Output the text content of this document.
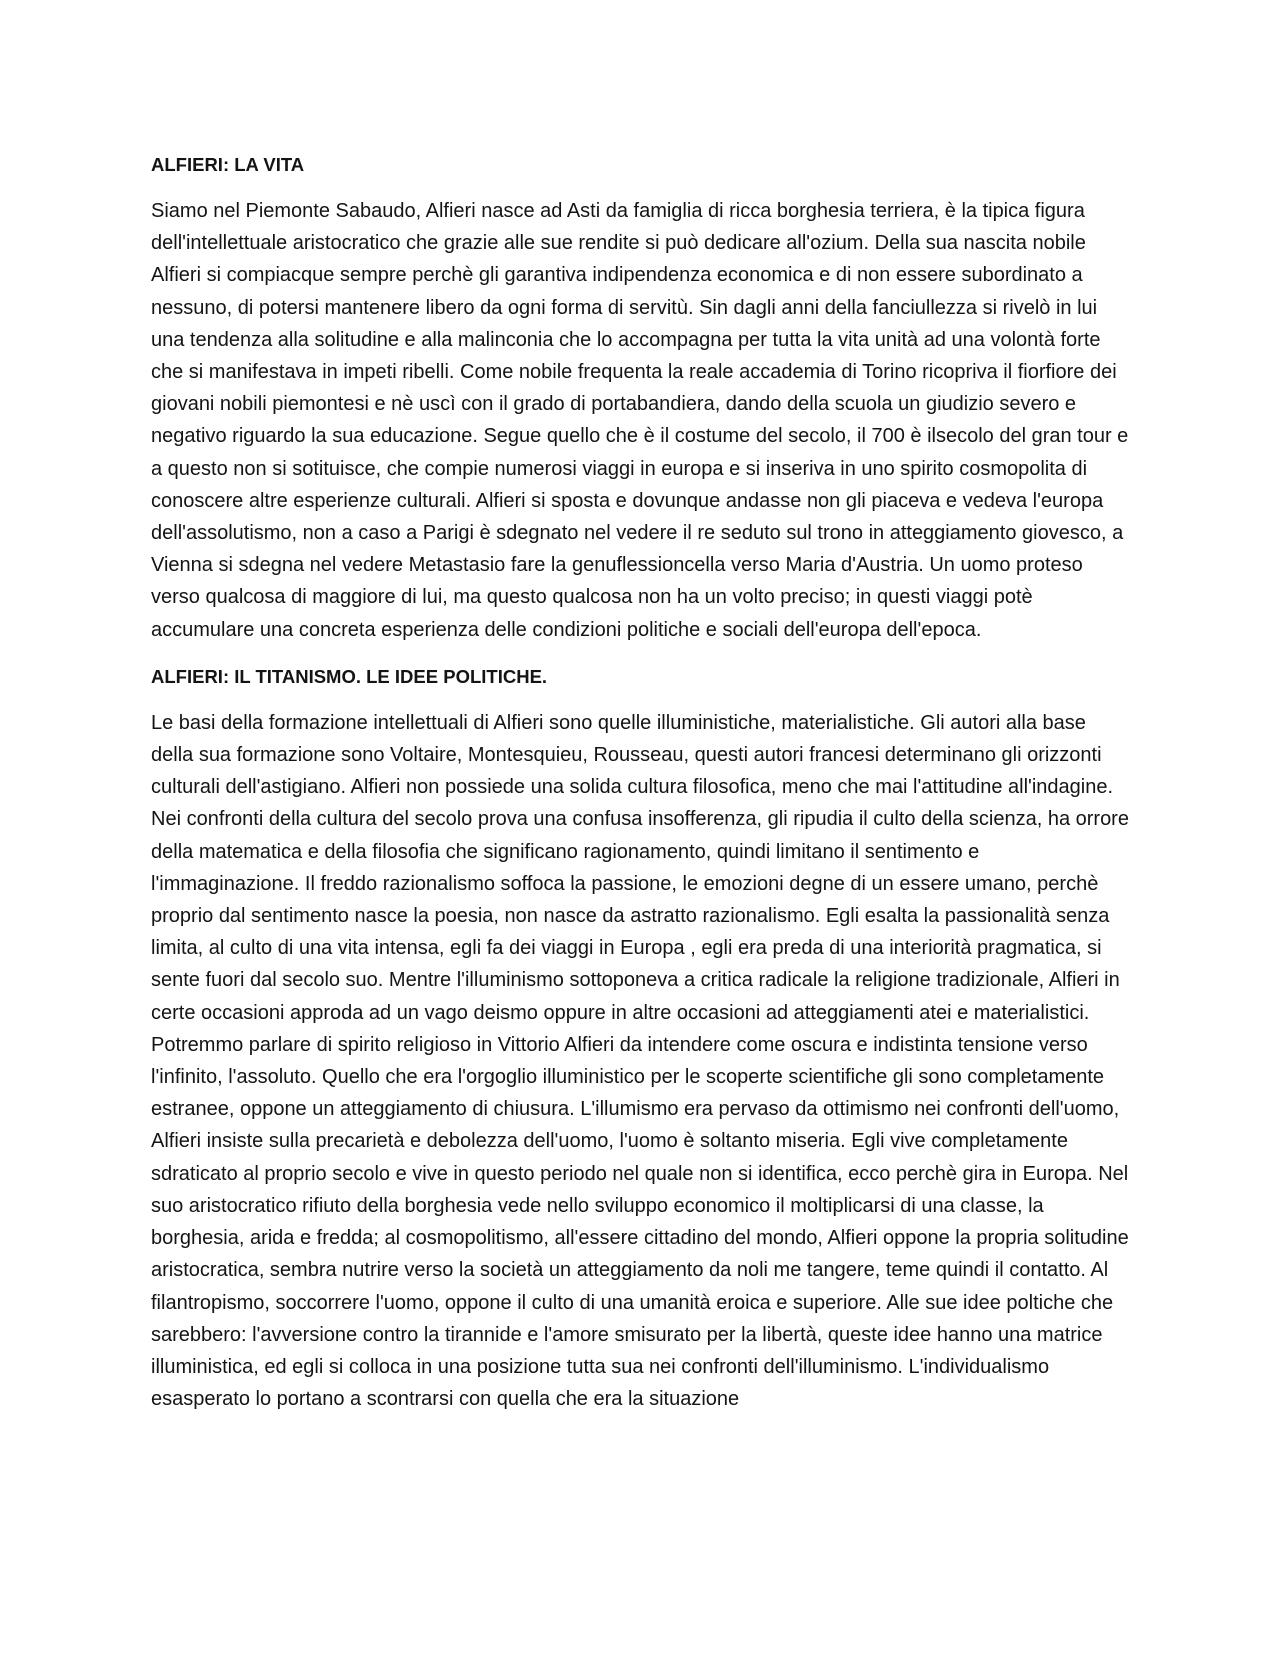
ALFIERI: LA VITA

Siamo nel Piemonte Sabaudo, Alfieri nasce ad Asti da famiglia di ricca borghesia terriera, è la tipica figura dell'intellettuale aristocratico che grazie alle sue rendite si può dedicare all'ozium. Della sua nascita nobile Alfieri si compiacque sempre perchè gli garantiva indipendenza economica e di non essere subordinato a nessuno, di potersi mantenere libero da ogni forma di servitù. Sin dagli anni della fanciullezza si rivelò in lui una tendenza alla solitudine e alla malinconia che lo accompagna per tutta la vita unità ad una volontà forte che si manifestava in impeti ribelli. Come nobile frequenta la reale accademia di Torino ricopriva il fiorfiore dei giovani nobili piemontesi e nè uscì con il grado di portabandiera, dando della scuola un giudizio severo e negativo riguardo la sua educazione. Segue quello che è il costume del secolo, il 700 è ilsecolo del gran tour e a questo non si sotituisce, che compie numerosi viaggi in europa e si inseriva in uno spirito cosmopolita di conoscere altre esperienze culturali. Alfieri si sposta e dovunque andasse non gli piaceva e vedeva l'europa dell'assolutismo, non a caso a Parigi è sdegnato nel vedere il re seduto sul trono in atteggiamento giovesco, a Vienna si sdegna nel vedere Metastasio fare la genuflessioncella verso Maria d'Austria. Un uomo proteso verso qualcosa di maggiore di lui, ma questo qualcosa non ha un volto preciso; in questi viaggi potè accumulare una concreta esperienza delle condizioni politiche e sociali dell'europa dell'epoca.

ALFIERI: IL TITANISMO. LE IDEE POLITICHE.

Le basi della formazione intellettuali di Alfieri sono quelle illuministiche, materialistiche. Gli autori alla base della sua formazione sono Voltaire, Montesquieu, Rousseau, questi autori francesi determinano gli orizzonti culturali dell'astigiano. Alfieri non possiede una solida cultura filosofica, meno che mai l'attitudine all'indagine. Nei confronti della cultura del secolo prova una confusa insofferenza, gli ripudia il culto della scienza, ha orrore della matematica e della filosofia che significano ragionamento, quindi limitano il sentimento e l'immaginazione. Il freddo razionalismo soffoca la passione, le emozioni degne di un essere umano, perchè proprio dal sentimento nasce la poesia, non nasce da astratto razionalismo. Egli esalta la passionalità senza limita, al culto di una vita intensa, egli fa dei viaggi in Europa , egli era preda di una interiorità pragmatica, si sente fuori dal secolo suo. Mentre l'illuminismo sottoponeva a critica radicale la religione tradizionale, Alfieri in certe occasioni approda ad un vago deismo oppure in altre occasioni ad atteggiamenti atei e materialistici. Potremmo parlare di spirito religioso in Vittorio Alfieri da intendere come oscura e indistinta tensione verso l'infinito, l'assoluto. Quello che era l'orgoglio illuministico per le scoperte scientifiche gli sono completamente estranee, oppone un atteggiamento di chiusura. L'illumismo era pervaso da ottimismo nei confronti dell'uomo, Alfieri insiste sulla precarietà e debolezza dell'uomo, l'uomo è soltanto miseria. Egli vive completamente sdraticato al proprio secolo e vive in questo periodo nel quale non si identifica, ecco perchè gira in Europa. Nel suo aristocratico rifiuto della borghesia vede nello sviluppo economico il moltiplicarsi di una classe, la borghesia, arida e fredda; al cosmopolitismo, all'essere cittadino del mondo, Alfieri oppone la propria solitudine aristocratica, sembra nutrire verso la società un atteggiamento da noli me tangere, teme quindi il contatto. Al filantropismo, soccorrere l'uomo, oppone il culto di una umanità eroica e superiore. Alle sue idee poltiche che sarebbero: l'avversione contro la tirannide e l'amore smisurato per la libertà, queste idee hanno una matrice illuministica, ed egli si colloca in una posizione tutta sua nei confronti dell'illuminismo. L'individualismo esasperato lo portano a scontrarsi con quella che era la situazione
